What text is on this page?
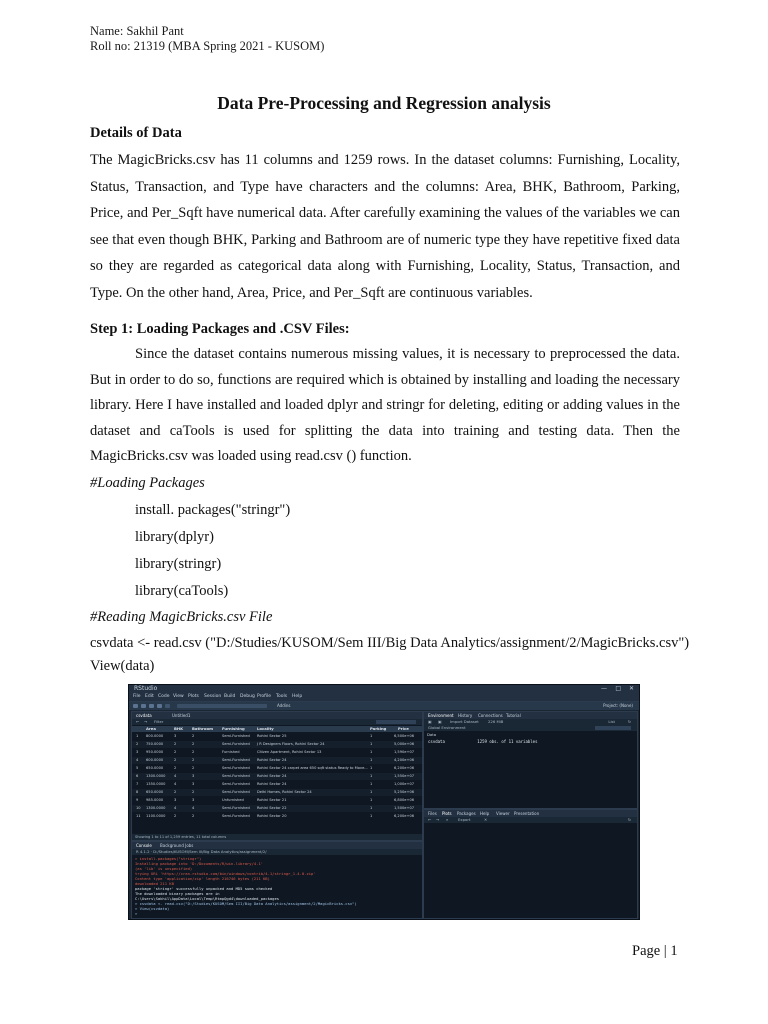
Name: Sakhil Pant
Roll no: 21319 (MBA Spring 2021 - KUSOM)
Data Pre-Processing and Regression analysis
Details of Data

The MagicBricks.csv has 11 columns and 1259 rows. In the dataset columns: Furnishing, Locality, Status, Transaction, and Type have characters and the columns: Area, BHK, Bathroom, Parking, Price, and Per_Sqft have numerical data. After carefully examining the values of the variables we can see that even though BHK, Parking and Bathroom are of numeric type they have repetitive fixed data so they are regarded as categorical data along with Furnishing, Locality, Status, Transaction, and Type. On the other hand, Area, Price, and Per_Sqft are continuous variables.

Step 1: Loading Packages and .CSV Files:

Since the dataset contains numerous missing values, it is necessary to preprocessed the data. But in order to do so, functions are required which is obtained by installing and loading the necessary library. Here I have installed and loaded dplyr and stringr for deleting, editing or adding values in the dataset and caTools is used for splitting the data into training and testing data. Then the MagicBricks.csv was loaded using read.csv () function.

#Loading Packages
install. packages("stringr")
library(dplyr)
library(stringr)
library(caTools)
#Reading MagicBricks.csv File
csvdata <- read.csv ("D:/Studies/KUSOM/Sem III/Big Data Analytics/assignment/2/MagicBricks.csv")
View(data)
RStudio	— □ ✕
File Edit Code View Plots Session Build Debug Profile Tools Help
Addins	Project: (None)
csvdata	Untitled1
← → Filter
Area	BHK Bathroom Furnishing	Locality	Parking	Price
1 800.0000	3	2	Semi-Furnished Rohini Sector 25	1	6,500e+06
2 750.0000	2	2	Semi-Furnished J R Designers Floors, Rohini Sector 24	1	5,000e+06
3 950.0000	2	2	Furnished	Citizen Apartment, Rohini Sector 13	1	1,590e+07
4 600.0000	2	2	Semi-Furnished Rohini Sector 24	1	4,200e+06
5 650.0000	2	2	Semi-Furnished Rohini Sector 24 carpet area 650 sqft status Ready to Move... 1	6,200e+06
6 1300.0000 4	3	Semi-Furnished Rohini Sector 24	1	1,550e+07
7 1350.0000 4	3	Semi-Furnished Rohini Sector 24	1	1,000e+07
8 650.0000	2	2	Semi-Furnished Delhi Homes, Rohini Sector 24	1	5,250e+06
9 985.0000	3	3	Unfurnished	Rohini Sector 21	1	6,800e+06
10 1300.0000 4	4	Semi-Furnished Rohini Sector 22	1	1,500e+07
11 1100.0000 2	2	Semi-Furnished Rohini Sector 20	1	6,200e+06
Showing 1 to 11 of 1,259 entries, 11 total columns
Console Background Jobs
R 4.1.2 · D:/Studies/KUSOM/Sem III/Big Data Analytics/assignment/2/
> install.packages("stringr")
Installing package into 'D:/Documents/R/win-library/4.1'
(as 'lib' is unspecified)
trying URL 'https://cran.rstudio.com/bin/windows/contrib/4.1/stringr_1.4.0.zip'
Content type 'application/zip' length 216746 bytes (211 KB)
downloaded 211 KB
package 'stringr' successfully unpacked and MD5 sums checked
The downloaded binary packages are in
C:\Users\Sakhil\AppData\Local\Temp\RtmpQgd4\downloaded_packages
> csvdata <- read.csv("D:/Studies/KUSOM/Sem III/Big Data Analytics/assignment/2/MagicBricks.csv")
> View(csvdata)
>
Environment History Connections Tutorial
▣ ▣ Import Dataset 226 MiB	List	↻
Global Environment
Data
csvdata	1259 obs. of 11 variables
Files Plots Packages Help Viewer Presentation
← → ⌕	Export	✕	↻
Page | 1
